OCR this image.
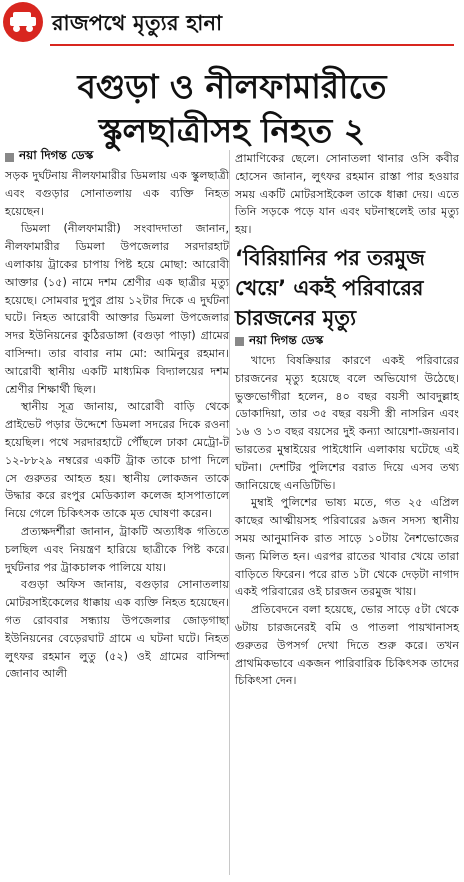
রাজপথে মৃত্যুর হানা
বগুড়া ও নীলফামারীতে
স্কুলছাত্রীসহ নিহত ২
নয়া দিগন্ত ডেস্ক

সড়ক দুর্ঘটনায় নীলফামারীর ডিমলায় এক স্কুলছাত্রী এবং বগুড়ার সোনাতলায় এক ব্যক্তি নিহত হয়েছেন।

ডিমলা (নীলফামারী) সংবাদদাতা জানান, নীলফামারীর ডিমলা উপজেলার সরদারহাট এলাকায় ট্রাকের চাপায় পিষ্ট হয়ে মোছা: আরোবী আক্তার (১৫) নামে দশম শ্রেণীর এক ছাত্রীর মৃত্যু হয়েছে। সোমবার দুপুর প্রায় ১২টার দিকে এ দুর্ঘটনা ঘটে। নিহত আরোবী আক্তার ডিমলা উপজেলার সদর ইউনিয়নের কুঠিরডাঙ্গা (বগুড়া পাড়া) গ্রামের বাসিন্দা। তার বাবার নাম মো: আমিনুর রহমান। আরোবী স্থানীয় একটি মাধ্যমিক বিদ্যালয়ের দশম শ্রেণীর শিক্ষার্থী ছিল।

স্থানীয় সূত্র জানায়, আরোবী বাড়ি থেকে প্রাইভেট পড়ার উদ্দেশে ডিমলা সদরের দিকে রওনা হয়েছিল। পথে সরদারহাটে পৌঁছলে ঢাকা মেট্রো-ট ১২-৮৮২৯ নম্বরের একটি ট্রাক তাকে চাপা দিলে সে গুরুতর আহত হয়। স্থানীয় লোকজন তাকে উদ্ধার করে রংপুর মেডিক্যাল কলেজ হাসপাতালে নিয়ে গেলে চিকিৎসক তাকে মৃত ঘোষণা করেন।

প্রত্যক্ষদর্শীরা জানান, ট্রাকটি অত্যধিক গতিতে চলছিল এবং নিয়ন্ত্রণ হারিয়ে ছাত্রীকে পিষ্ট করে। দুর্ঘটনার পর ট্রাকচালক পালিয়ে যায়।

বগুড়া অফিস জানায়, বগুড়ার সোনাতলায় মোটরসাইকেলের ধাক্কায় এক ব্যক্তি নিহত হয়েছেন। গত রোববার সন্ধ্যায় উপজেলার জোড়গাছা ইউনিয়নের বেড়েরঘাট গ্রামে এ ঘটনা ঘটে। নিহত লুৎফর রহমান লুতু (৫২) ওই গ্রামের বাসিন্দা জোনাব আলী

প্রামাণিকের ছেলে। সোনাতলা থানার ওসি কবীর হোসেন জানান, লুৎফর রহমান রাস্তা পার হওয়ার সময় একটি মোটরসাইকেল তাকে ধাক্কা দেয়। এতে তিনি সড়কে পড়ে যান এবং ঘটনাস্থলেই তার মৃত্যু হয়।

‘বিরিয়ানির পর তরমুজ খেয়ে’ একই পরিবারের চারজনের মৃত্যু
নয়া দিগন্ত ডেস্ক

খাদ্যে বিষক্রিয়ার কারণে একই পরিবারের চারজনের মৃত্যু হয়েছে বলে অভিযোগ উঠেছে। ভুক্তভোগীরা হলেন, ৪০ বছর বয়সী আবদুল্লাহ ডোকাদিয়া, তার ৩৫ বছর বয়সী স্ত্রী নাসরিন এবং ১৬ ও ১৩ বছর বয়সের দুই কন্যা আয়েশা-জয়নাব। ভারতের মুম্বাইয়ের পাইধোনি এলাকায় ঘটেছে এই ঘটনা। দেশটির পুলিশের বরাত দিয়ে এসব তথ্য জানিয়েছে এনডিটিভি।

মুম্বাই পুলিশের ভাষ্য মতে, গত ২৫ এপ্রিল কাছের আত্মীয়সহ পরিবারের ৯জন সদস্য স্থানীয় সময় আনুমানিক রাত সাড়ে ১০টায় নৈশভোজের জন্য মিলিত হন। এরপর রাতের খাবার খেয়ে তারা বাড়িতে ফিরেন। পরে রাত ১টা থেকে দেড়টা নাগাদ একই পরিবারের ওই চারজন তরমুজ খায়।

প্রতিবেদনে বলা হয়েছে, ভোর সাড়ে ৫টা থেকে ৬টায় চারজনেরই বমি ও পাতলা পায়খানাসহ গুরুতর উপসর্গ দেখা দিতে শুরু করে। তখন প্রাথমিকভাবে একজন পারিবারিক চিকিৎসক তাদের চিকিৎসা দেন।
